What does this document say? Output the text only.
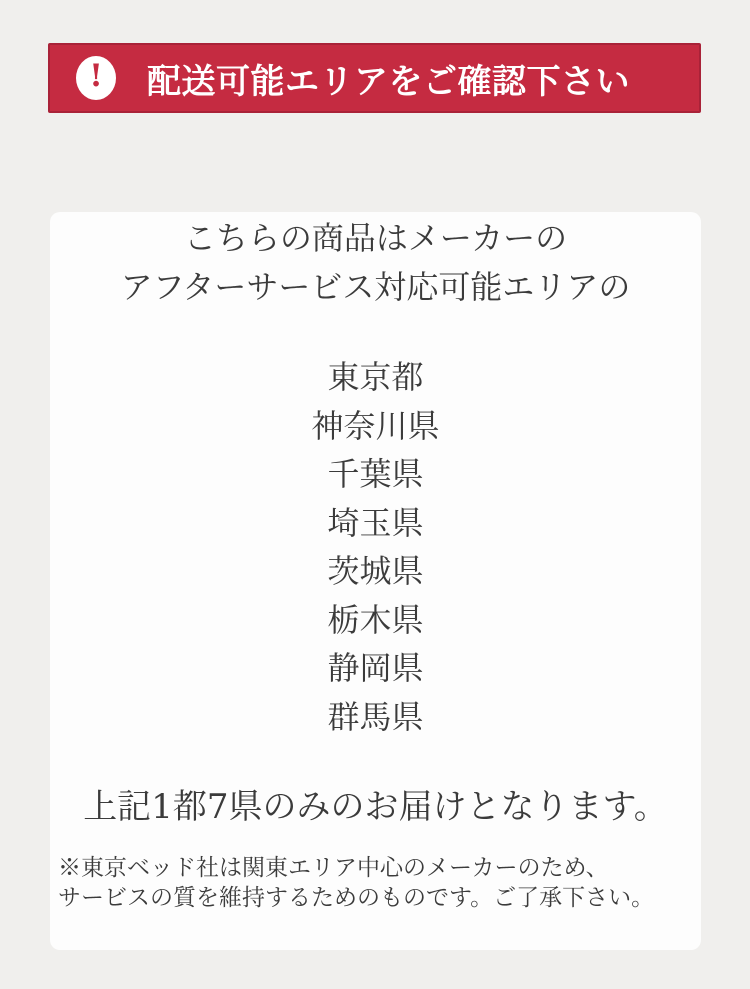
! 配送可能エリアをご確認下さい
こちらの商品はメーカーの
アフターサービス対応可能エリアの
東京都
神奈川県
千葉県
埼玉県
茨城県
栃木県
静岡県
群馬県

上記1都7県のみのお届けとなります。

※東京ベッド社は関東エリア中心のメーカーのため、
サービスの質を維持するためのものです。ご了承下さい。
